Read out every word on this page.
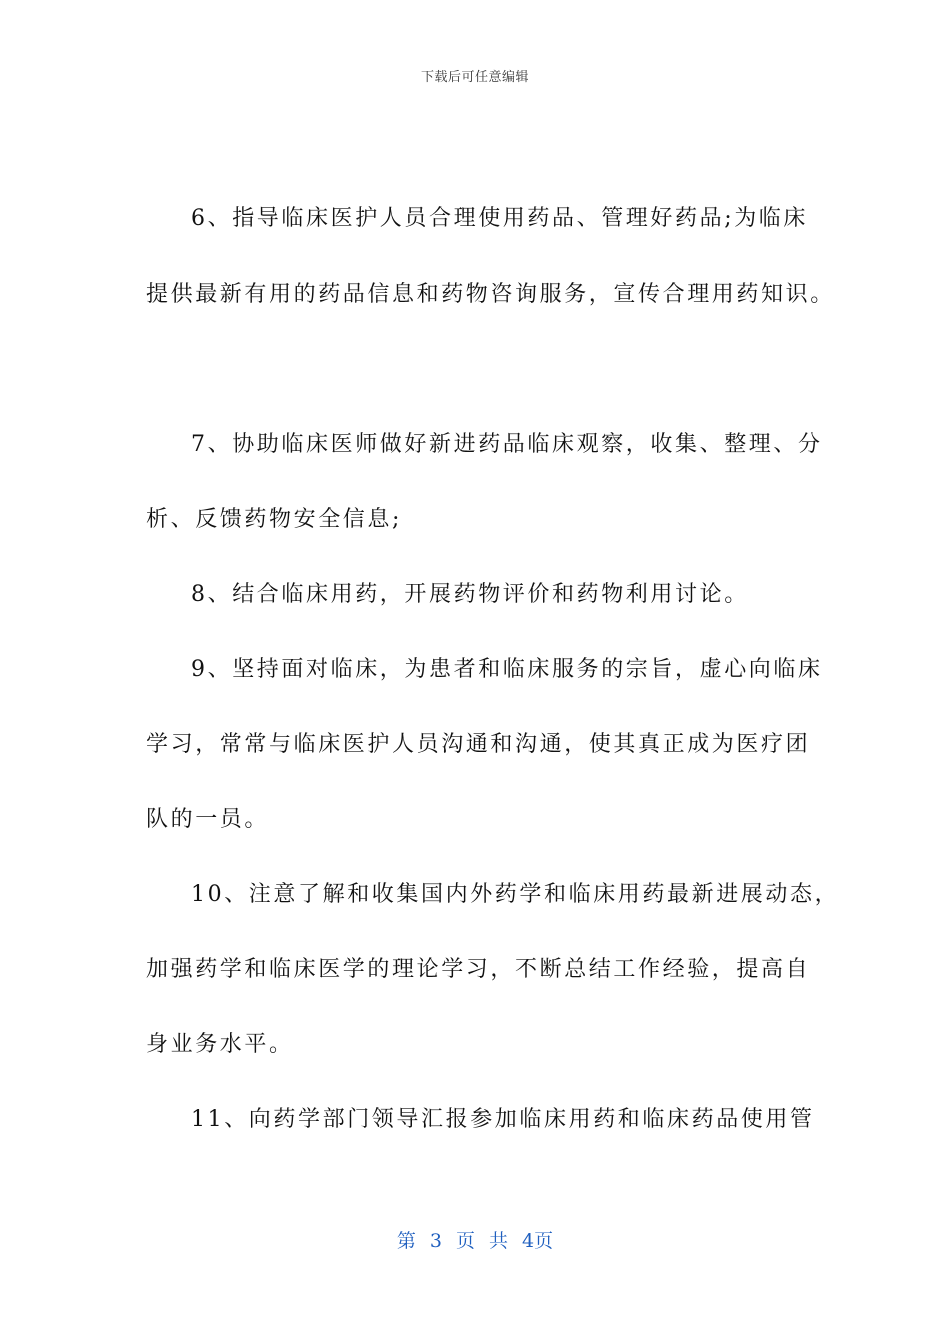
下载后可任意编辑
6、指导临床医护人员合理使用药品、管理好药品;为临床
提供最新有用的药品信息和药物咨询服务，宣传合理用药知识。
7、协助临床医师做好新进药品临床观察，收集、整理、分
析、反馈药物安全信息;
8、结合临床用药，开展药物评价和药物利用讨论。
9、坚持面对临床，为患者和临床服务的宗旨，虚心向临床
学习，常常与临床医护人员沟通和沟通，使其真正成为医疗团
队的一员。
10、注意了解和收集国内外药学和临床用药最新进展动态，
加强药学和临床医学的理论学习，不断总结工作经验，提高自
身业务水平。
11、向药学部门领导汇报参加临床用药和临床药品使用管
第 3 页 共 4页
